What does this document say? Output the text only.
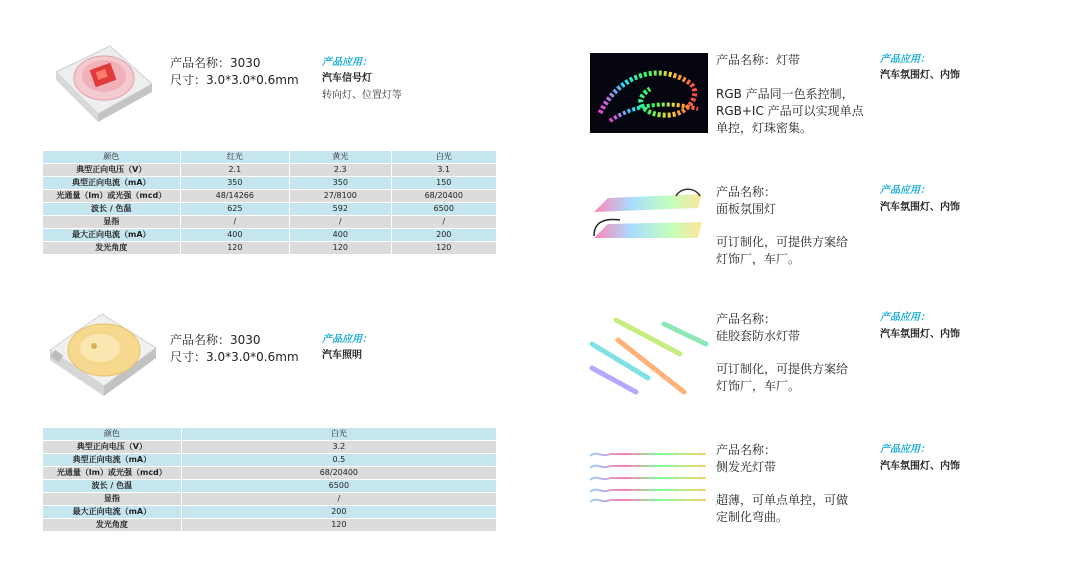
产品名称：3030
尺寸：3.0*3.0*0.6mm
产品应用：
汽车信号灯
转向灯、位置灯等
颜色	红光	黄光	白光
典型正向电压（V）	2.1	2.3	3.1
典型正向电流（mA）	350	350	150
光通量（lm）或光强（mcd）	48/14266	27/8100	68/20400
波长 / 色温	625	592	6500
显指	/	/	/
最大正向电流（mA）	400	400	200
发光角度	120	120	120
产品名称：3030
尺寸：3.0*3.0*0.6mm
产品应用：
汽车照明
颜色	白光
典型正向电压（V）	3.2
典型正向电流（mA）	0.5
光通量（lm）或光强（mcd）	68/20400
波长 / 色温	6500
显指	/
最大正向电流（mA）	200
发光角度	120
产品名称：灯带
RGB 产品同一色系控制，
RGB+IC 产品可以实现单点
单控，灯珠密集。
产品应用：
汽车氛围灯、内饰
产品名称：
面板氛围灯
可订制化，可提供方案给
灯饰厂，车厂。
产品应用：
汽车氛围灯、内饰
产品名称：
硅胶套防水灯带
可订制化，可提供方案给
灯饰厂，车厂。
产品应用：
汽车氛围灯、内饰
产品名称：
侧发光灯带
超薄，可单点单控，可做
定制化弯曲。
产品应用：
汽车氛围灯、内饰
